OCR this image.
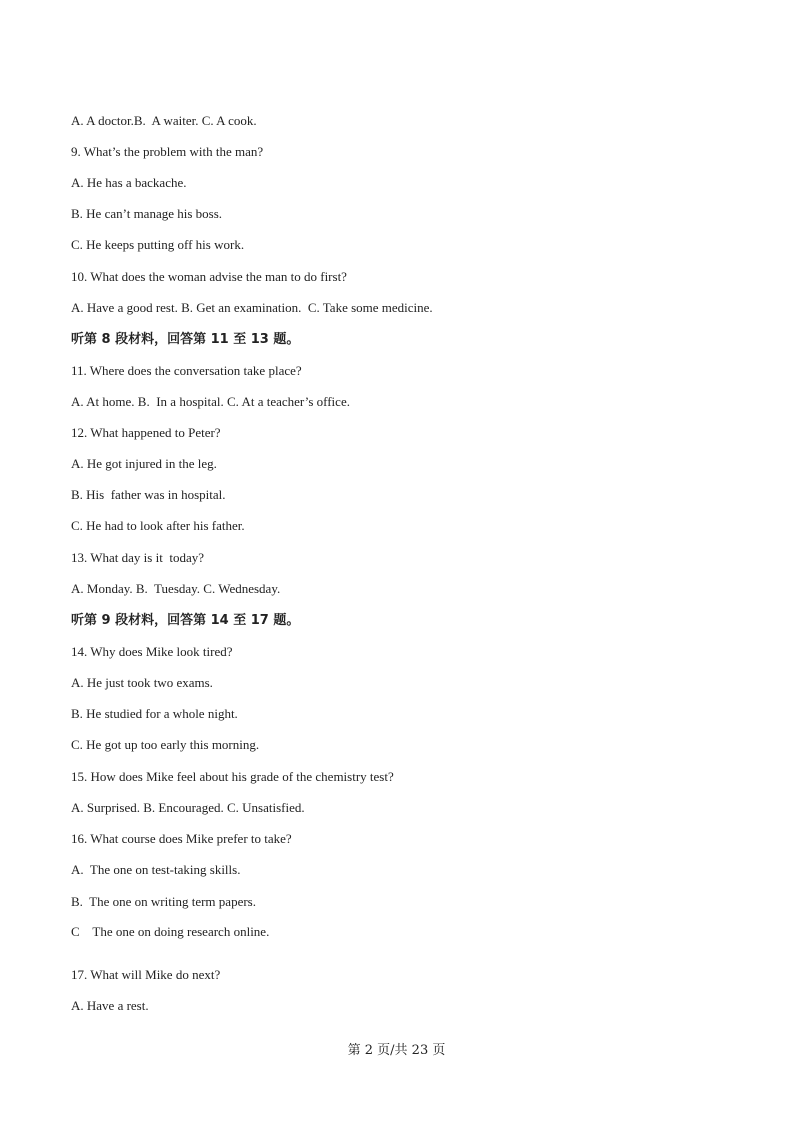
A. A doctor.B.  A waiter. C. A cook.
9. What’s the problem with the man?
A. He has a backache.
B. He can’t manage his boss.
C. He keeps putting off his work.
10. What does the woman advise the man to do first?
A. Have a good rest. B. Get an examination.  C. Take some medicine.
听第 8 段材料，回答第 11 至 13 题。
11. Where does the conversation take place?
A. At home. B.  In a hospital. C. At a teacher’s office.
12. What happened to Peter?
A. He got injured in the leg.
B. His  father was in hospital.
C. He had to look after his father.
13. What day is it  today?
A. Monday. B.  Tuesday. C. Wednesday.
听第 9 段材料，回答第 14 至 17 题。
14. Why does Mike look tired?
A. He just took two exams.
B. He studied for a whole night.
C. He got up too early this morning.
15. How does Mike feel about his grade of the chemistry test?
A. Surprised. B. Encouraged. C. Unsatisfied.
16. What course does Mike prefer to take?
A.  The one on test-taking skills.
B.  The one on writing term papers.
C    The one on doing research online.
17. What will Mike do next?
A. Have a rest.
第 2 页/共 23 页
